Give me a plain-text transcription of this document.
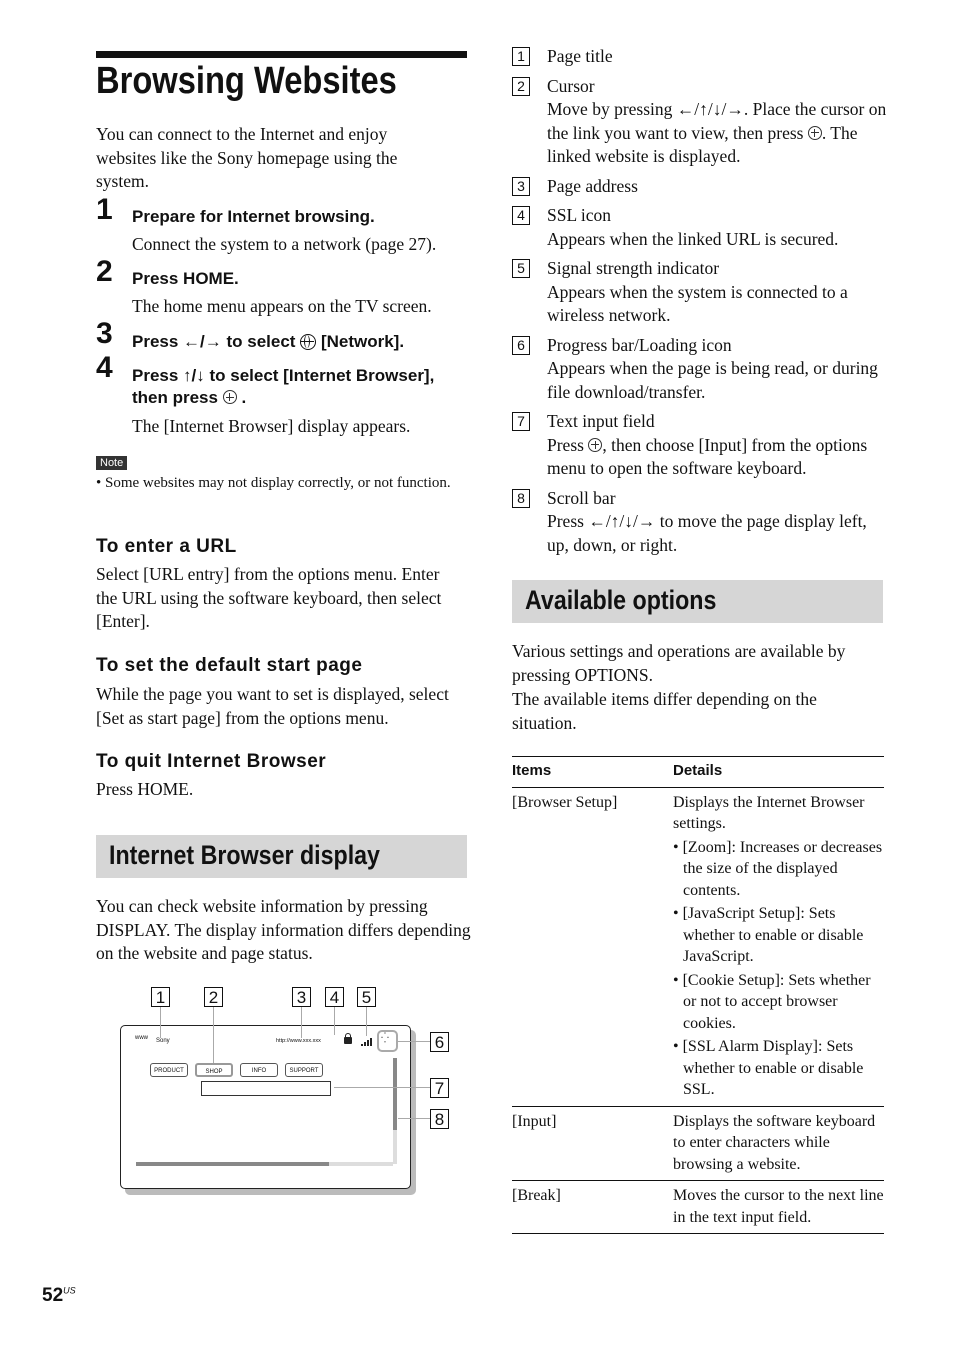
Browsing Websites
You can connect to the Internet and enjoy websites like the Sony homepage using the system.
1 Prepare for Internet browsing.
Connect the system to a network (page 27).
2 Press HOME.
The home menu appears on the TV screen.
3 Press ←/→ to select [Network].
4 Press ↑/↓ to select [Internet Browser], then press  .
The [Internet Browser] display appears.
Note
• Some websites may not display correctly, or not function.
To enter a URL
Select [URL entry] from the options menu. Enter the URL using the software keyboard, then select [Enter].
To set the default start page
While the page you want to set is displayed, select [Set as start page] from the options menu.
To quit Internet Browser
Press HOME.
Internet Browser display
You can check website information by pressing DISPLAY. The display information differs depending on the website and page status.
1	2	3 4 5
6
7
8
www Sony	http://www.xxx.xxx	⁛
PRODUCT	SHOP	INFO	SUPPORT
1 Page title
2 Cursor
Move by pressing ←/↑/↓/→. Place the cursor on the link you want to view, then press . The linked website is displayed.
3 Page address
4 SSL icon
Appears when the linked URL is secured.
5 Signal strength indicator
Appears when the system is connected to a wireless network.
6 Progress bar/Loading icon
Appears when the page is being read, or during file download/transfer.
7 Text input field
Press , then choose [Input] from the options menu to open the software keyboard.
8 Scroll bar
Press ←/↑/↓/→ to move the page display left, up, down, or right.
Available options
Various settings and operations are available by pressing OPTIONS.
The available items differ depending on the situation.
Items	Details
[Browser Setup]	Displays the Internet Browser settings.
• [Zoom]: Increases or decreases the size of the displayed contents.
• [JavaScript Setup]: Sets whether to enable or disable JavaScript.
• [Cookie Setup]: Sets whether or not to accept browser cookies.
• [SSL Alarm Display]: Sets whether to enable or disable SSL.

[Input]	Displays the software keyboard to enter characters while browsing a website.
[Break]	Moves the cursor to the next line in the text input field.
$52^{US}$
